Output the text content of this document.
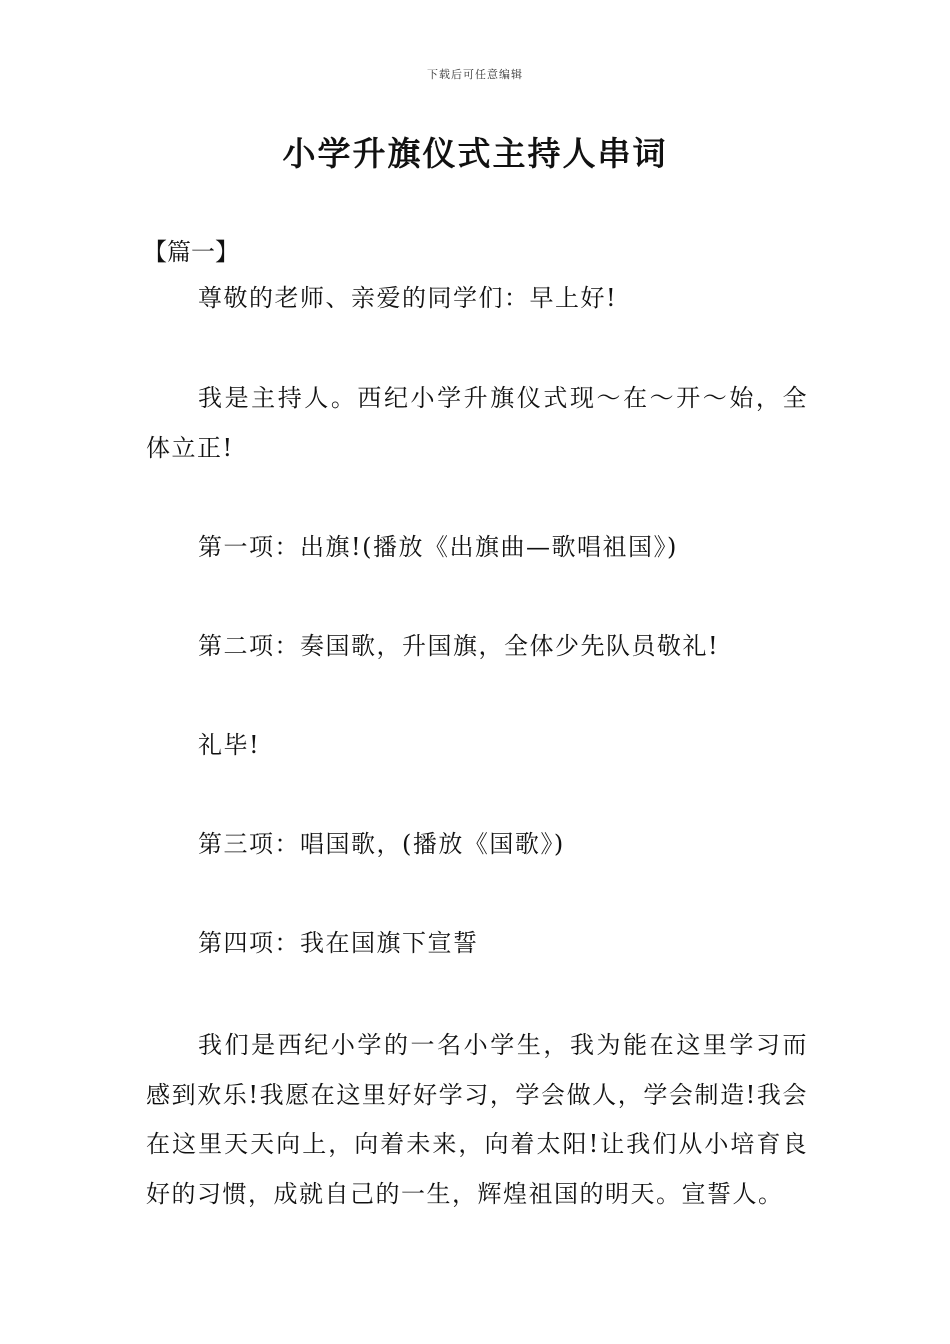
下载后可任意编辑
小学升旗仪式主持人串词

【篇一】

尊敬的老师、亲爱的同学们：早上好!

我是主持人。西纪小学升旗仪式现～在～开～始，全体立正!

第一项：出旗!(播放《出旗曲—歌唱祖国》)

第二项：奏国歌，升国旗，全体少先队员敬礼!

礼毕!

第三项：唱国歌，(播放《国歌》)

第四项：我在国旗下宣誓

我们是西纪小学的一名小学生，我为能在这里学习而感到欢乐!我愿在这里好好学习，学会做人，学会制造!我会在这里天天向上，向着未来，向着太阳!让我们从小培育良好的习惯，成就自己的一生，辉煌祖国的明天。宣誓人。
